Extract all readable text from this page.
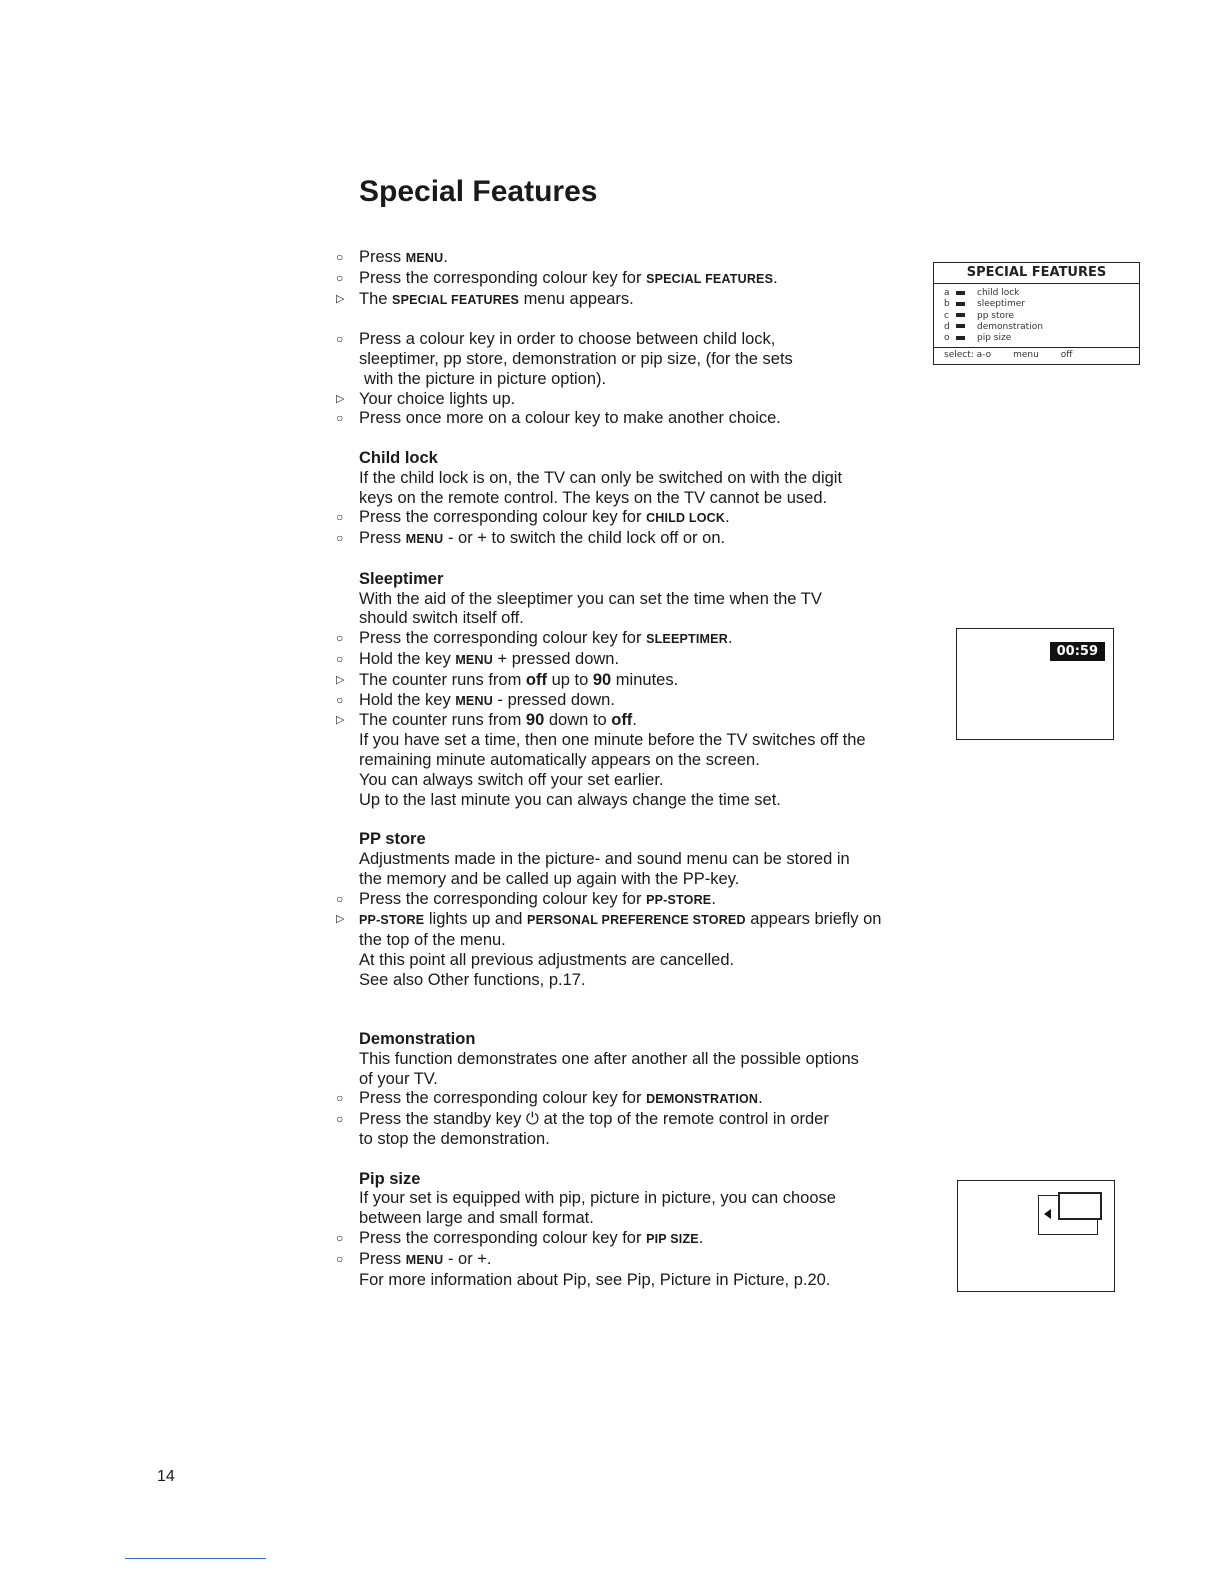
Special Features
○ Press MENU.
○ Press the corresponding colour key for SPECIAL FEATURES.
▷ The SPECIAL FEATURES menu appears.
○ Press a colour key in order to choose between child lock,
sleeptimer, pp store, demonstration or pip size, (for the sets
with the picture in picture option).
▷ Your choice lights up.
○ Press once more on a colour key to make another choice.
Child lock
If the child lock is on, the TV can only be switched on with the digit
keys on the remote control. The keys on the TV cannot be used.
○ Press the corresponding colour key for CHILD LOCK.
○ Press MENU - or + to switch the child lock off or on.
Sleeptimer
With the aid of the sleeptimer you can set the time when the TV
should switch itself off.
○ Press the corresponding colour key for SLEEPTIMER.
○ Hold the key MENU + pressed down.
▷ The counter runs from off up to 90 minutes.
○ Hold the key MENU - pressed down.
▷ The counter runs from 90 down to off.
If you have set a time, then one minute before the TV switches off the
remaining minute automatically appears on the screen.
You can always switch off your set earlier.
Up to the last minute you can always change the time set.
PP store
Adjustments made in the picture- and sound menu can be stored in
the memory and be called up again with the PP-key.
○ Press the corresponding colour key for PP-STORE.
▷	PP-STORE lights up and PERSONAL PREFERENCE STORED appears briefly on
the top of the menu.
At this point all previous adjustments are cancelled.
See also Other functions, p.17.
Demonstration
This function demonstrates one after another all the possible options
of your TV.
○ Press the corresponding colour key for DEMONSTRATION.
○ Press the standby key ⏻ at the top of the remote control in order
to stop the demonstration.
Pip size
If your set is equipped with pip, picture in picture, you can choose
between large and small format.
○ Press the corresponding colour key for PIP SIZE.
○ Press MENU - or +.
For more information about Pip, see Pip, Picture in Picture, p.20.
SPECIAL FEATURES
a	child lock
b	sleeptimer
c	pp store
d	demonstration
o	pip size
select: a-o menu off
00:59
14
